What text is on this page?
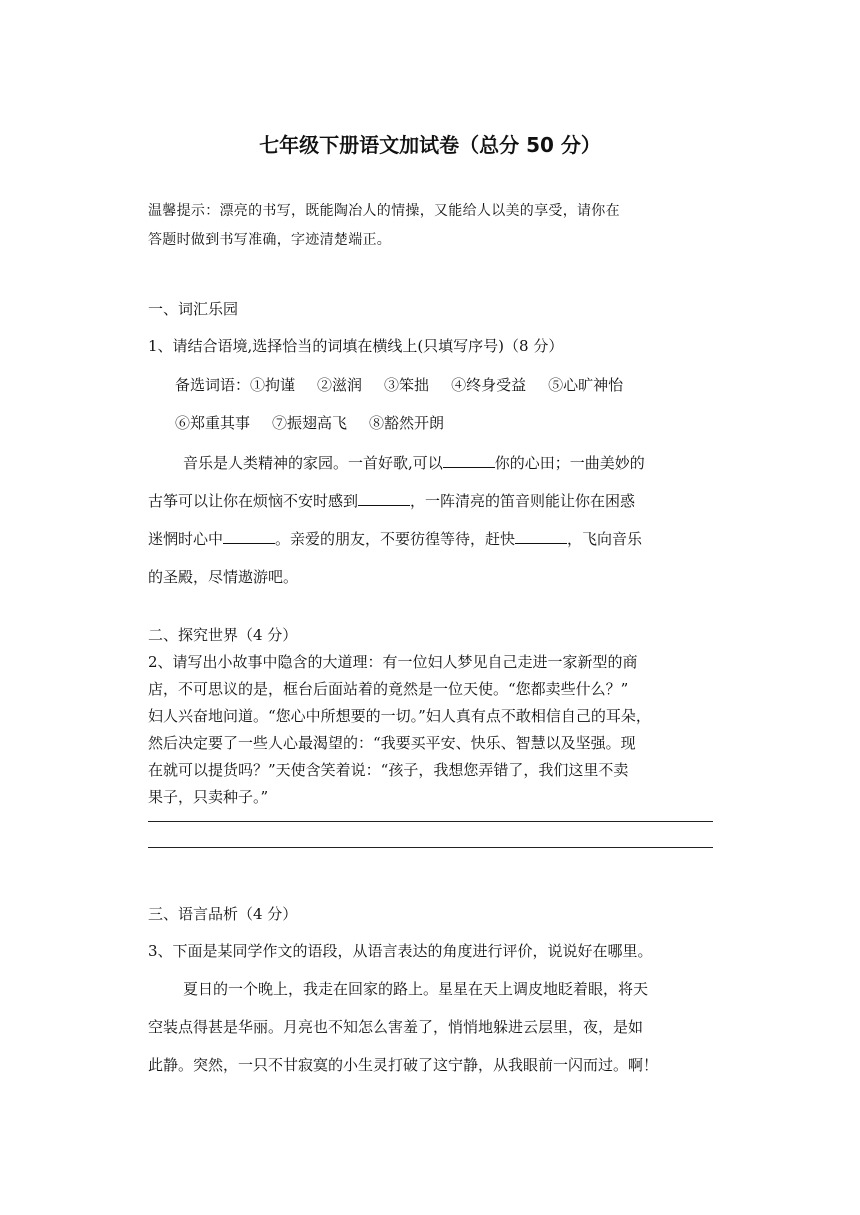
七年级下册语文加试卷（总分 50 分）
温馨提示：漂亮的书写，既能陶冶人的情操，又能给人以美的享受，请你在
答题时做到书写准确，字迹清楚端正。
一、词汇乐园
1、请结合语境,选择恰当的词填在横线上(只填写序号)（8 分）
备选词语：①拘谨 ②滋润 ③笨拙 ④终身受益 ⑤心旷神怡
⑥郑重其事 ⑦振翅高飞 ⑧豁然开朗
音乐是人类精神的家园。一首好歌,可以	你的心田；一曲美妙的
古筝可以让你在烦恼不安时感到	，一阵清亮的笛音则能让你在困惑
迷惘时心中	。亲爱的朋友，不要彷徨等待，赶快	，飞向音乐
的圣殿，尽情遨游吧。
二、探究世界（4 分）
2、请写出小故事中隐含的大道理：有一位妇人梦见自己走进一家新型的商
店，不可思议的是，框台后面站着的竟然是一位天使。“您都卖些什么？”
妇人兴奋地问道。“您心中所想要的一切。”妇人真有点不敢相信自己的耳朵，
然后决定要了一些人心最渴望的：“我要买平安、快乐、智慧以及坚强。现
在就可以提货吗？”天使含笑着说：“孩子，我想您弄错了，我们这里不卖
果子，只卖种子。”
三、语言品析（4 分）
3、下面是某同学作文的语段，从语言表达的角度进行评价，说说好在哪里。
夏日的一个晚上，我走在回家的路上。星星在天上调皮地眨着眼，将天
空装点得甚是华丽。月亮也不知怎么害羞了，悄悄地躲进云层里，夜，是如
此静。突然，一只不甘寂寞的小生灵打破了这宁静，从我眼前一闪而过。啊！
